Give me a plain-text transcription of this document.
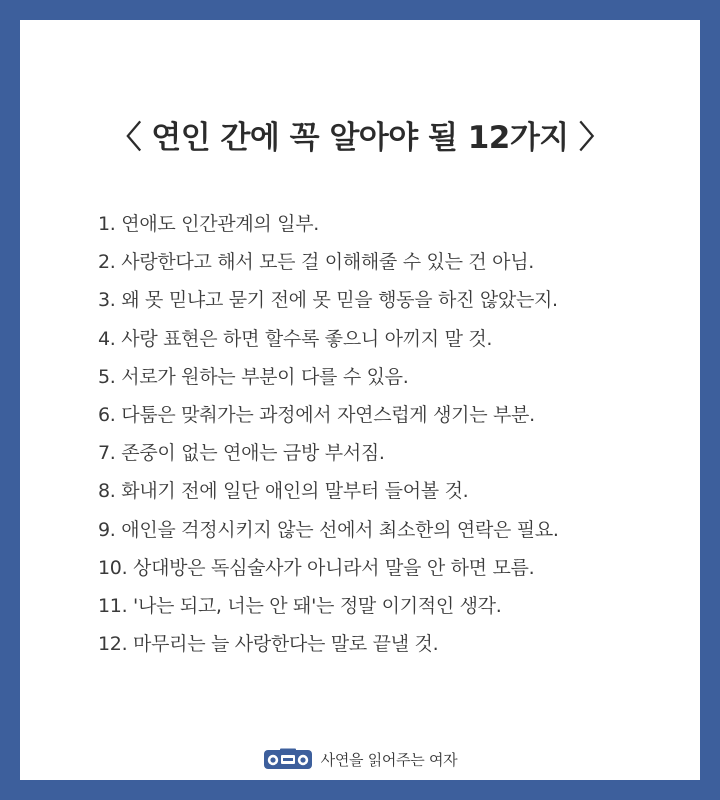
〈 연인 간에 꼭 알아야 될 12가지 〉
1. 연애도 인간관계의 일부.
2. 사랑한다고 해서 모든 걸 이해해줄 수 있는 건 아님.
3. 왜 못 믿냐고 묻기 전에 못 믿을 행동을 하진 않았는지.
4. 사랑 표현은 하면 할수록 좋으니 아끼지 말 것.
5. 서로가 원하는 부분이 다를 수 있음.
6. 다툼은 맞춰가는 과정에서 자연스럽게 생기는 부분.
7. 존중이 없는 연애는 금방 부서짐.
8. 화내기 전에 일단 애인의 말부터 들어볼 것.
9. 애인을 걱정시키지 않는 선에서 최소한의 연락은 필요.
10. 상대방은 독심술사가 아니라서 말을 안 하면 모름.
11. '나는 되고, 너는 안 돼'는 정말 이기적인 생각.
12. 마무리는 늘 사랑한다는 말로 끝낼 것.
사연을 읽어주는 여자
